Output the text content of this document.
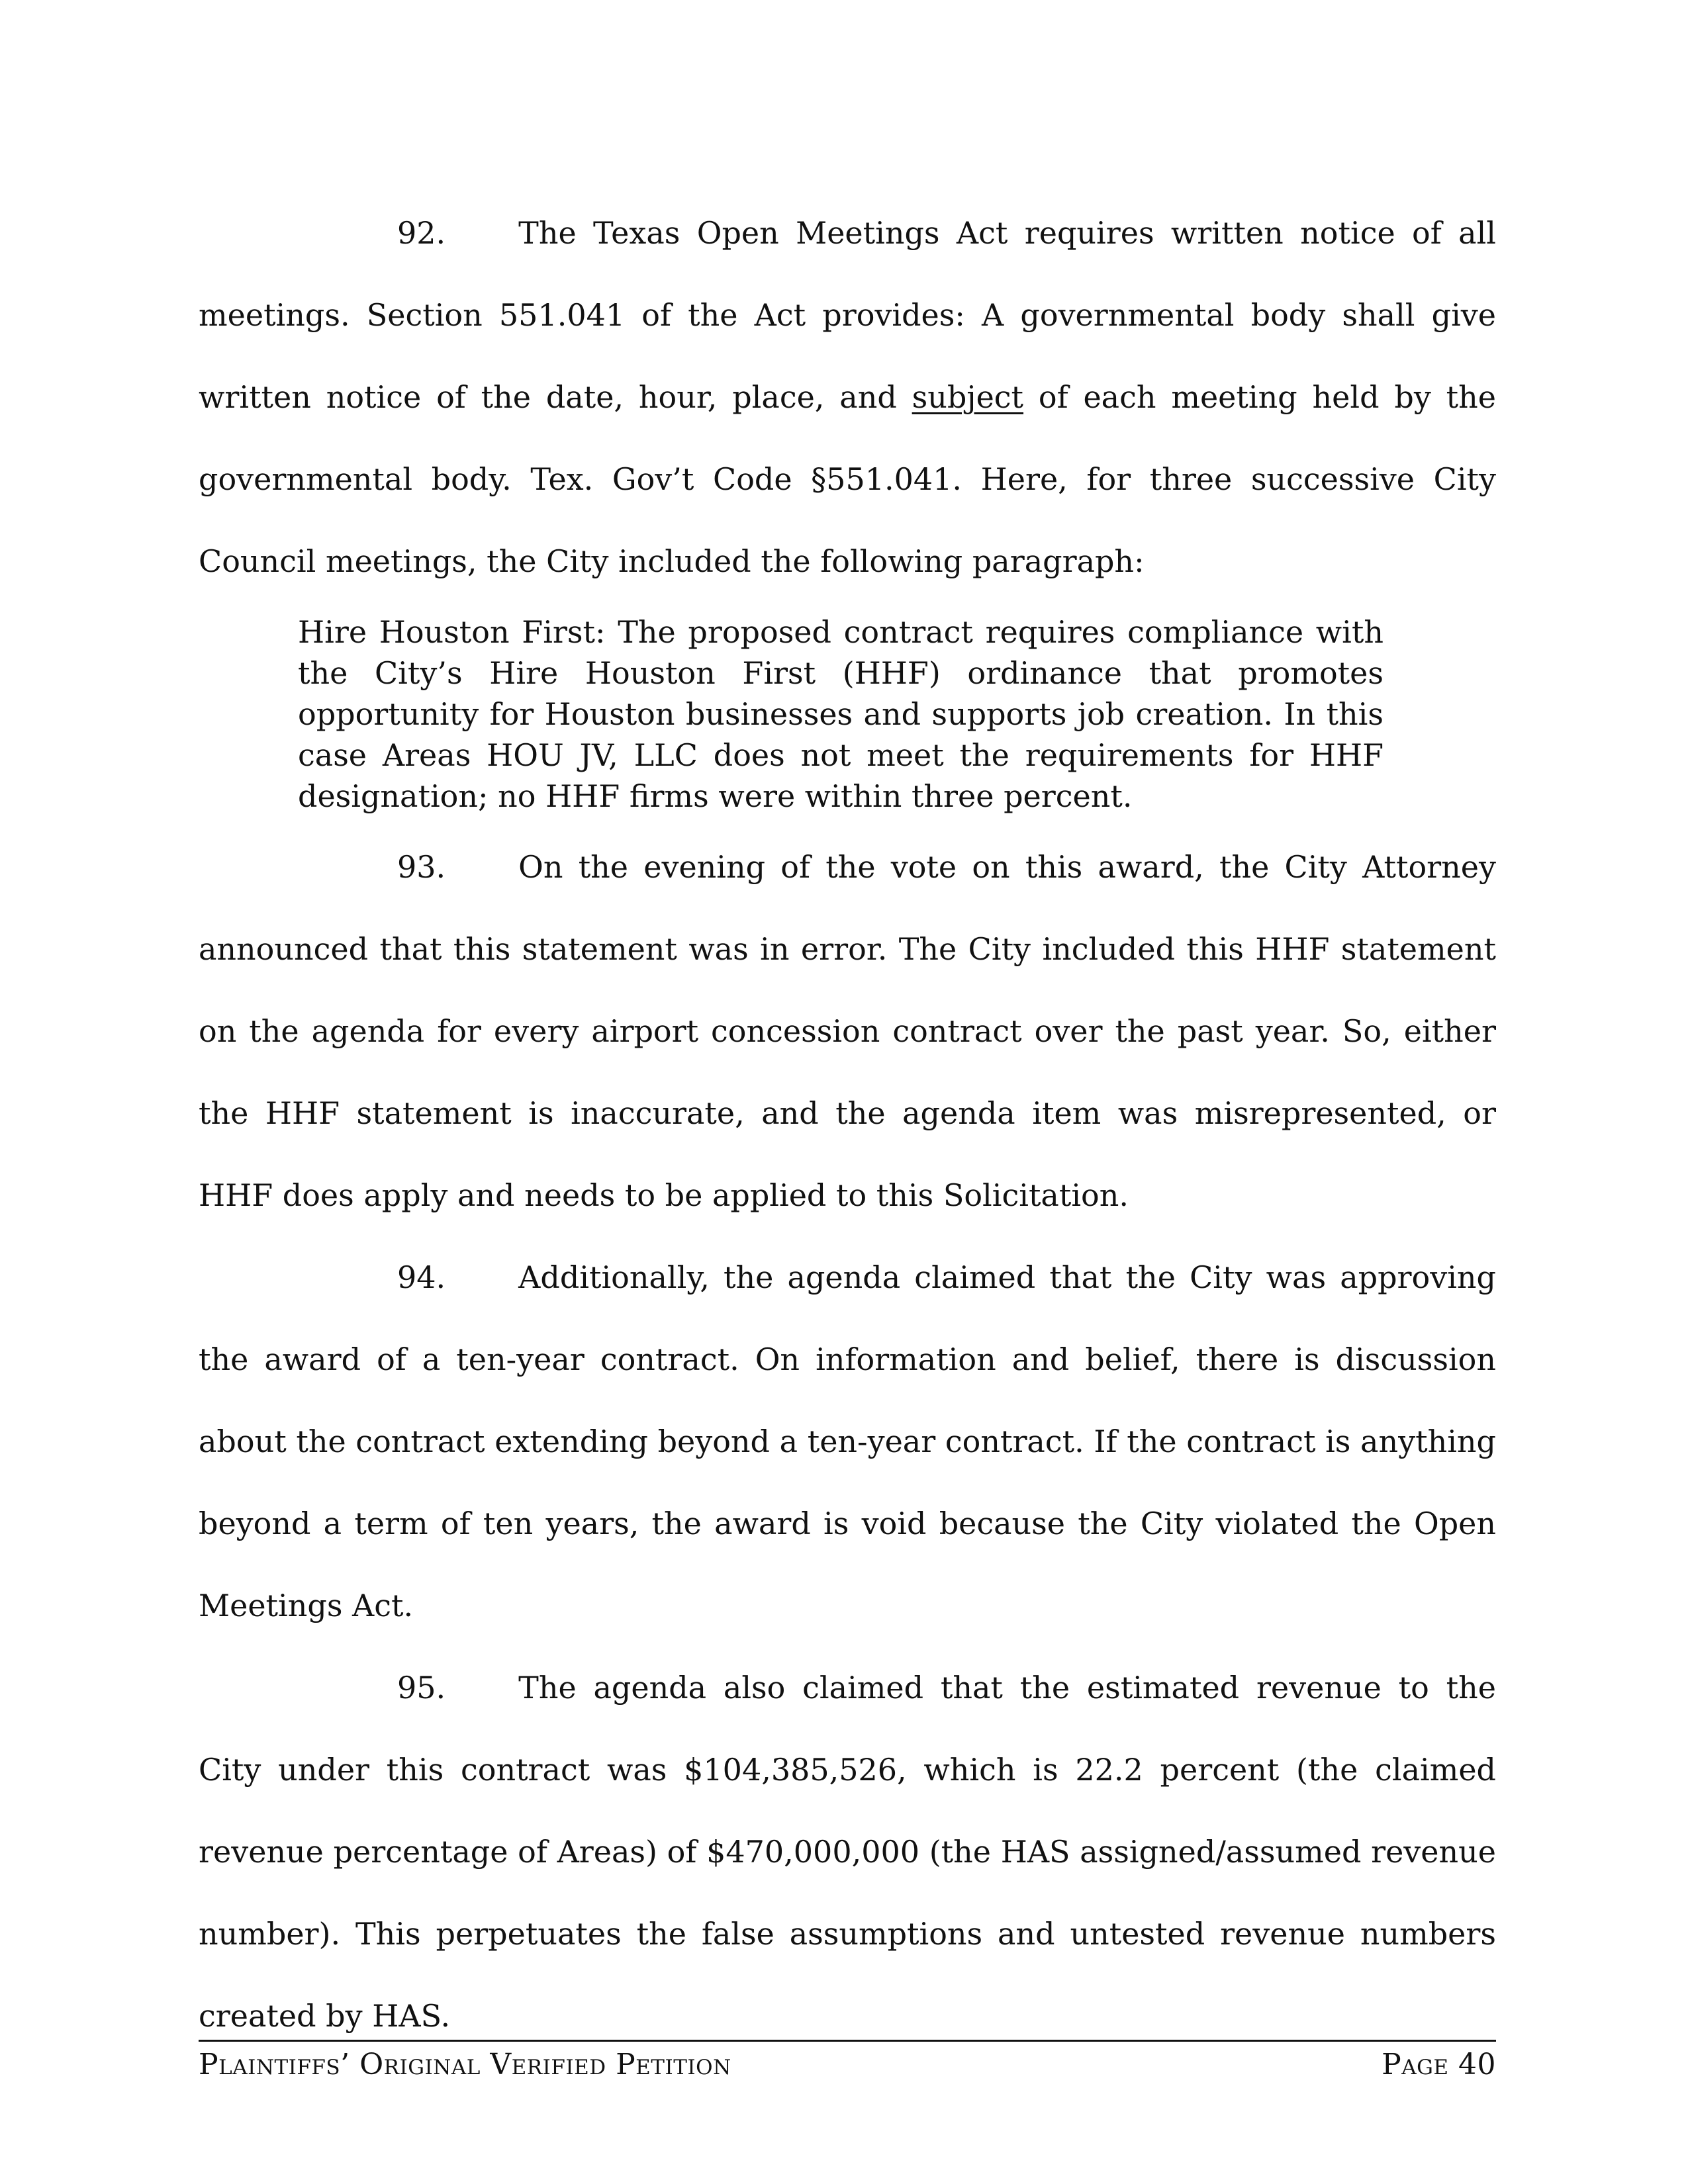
92. The Texas Open Meetings Act requires written notice of all meetings. Section 551.041 of the Act provides: A governmental body shall give written notice of the date, hour, place, and subject of each meeting held by the governmental body. Tex. Gov’t Code §551.041. Here, for three successive City Council meetings, the City included the following paragraph:

Hire Houston First: The proposed contract requires compliance with the City’s Hire Houston First (HHF) ordinance that promotes opportunity for Houston businesses and supports job creation. In this case Areas HOU JV, LLC does not meet the requirements for HHF designation; no HHF firms were within three percent.

93. On the evening of the vote on this award, the City Attorney announced that this statement was in error. The City included this HHF statement on the agenda for every airport concession contract over the past year. So, either the HHF statement is inaccurate, and the agenda item was misrepresented, or HHF does apply and needs to be applied to this Solicitation.

94. Additionally, the agenda claimed that the City was approving the award of a ten-year contract. On information and belief, there is discussion about the contract extending beyond a ten-year contract. If the contract is anything beyond a term of ten years, the award is void because the City violated the Open Meetings Act.

95. The agenda also claimed that the estimated revenue to the City under this contract was $104,385,526, which is 22.2 percent (the claimed revenue percentage of Areas) of $470,000,000 (the HAS assigned/assumed revenue number). This perpetuates the false assumptions and untested revenue numbers created by HAS.

Plaintiffs’ Original Verified Petition	Page 40
